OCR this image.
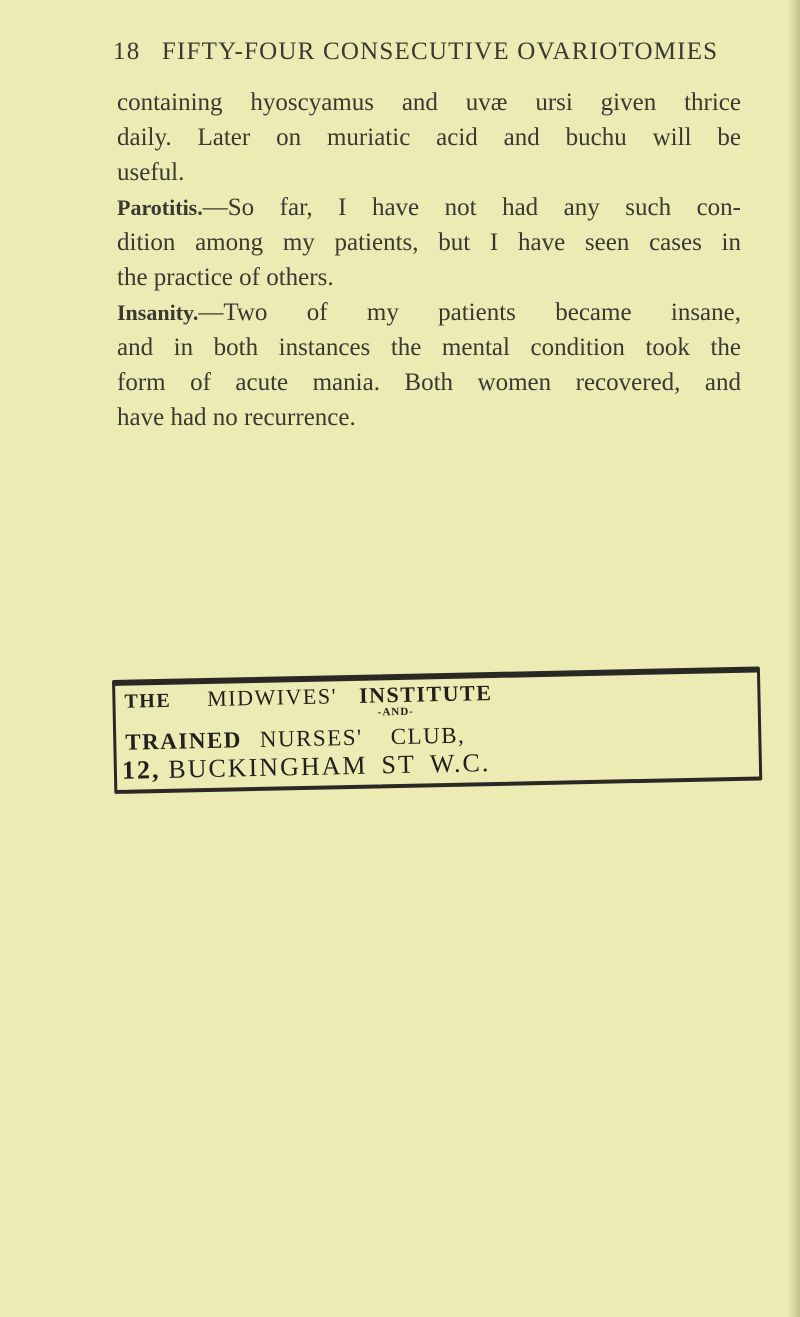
18 FIFTY-FOUR CONSECUTIVE OVARIOTOMIES
containing hyoscyamus and uvæ ursi given thrice
daily. Later on muriatic acid and buchu will be
useful.
Parotitis.—So far, I have not had any such con-
dition among my patients, but I have seen cases in
the practice of others.
Insanity.—Two of my patients became insane,
and in both instances the mental condition took the
form of acute mania. Both women recovered, and
have had no recurrence.
THE MIDWIVES' INSTITUTE
-AND-
TRAINED NURSES' CLUB,
12, BUCKINGHAM ST W.C.
